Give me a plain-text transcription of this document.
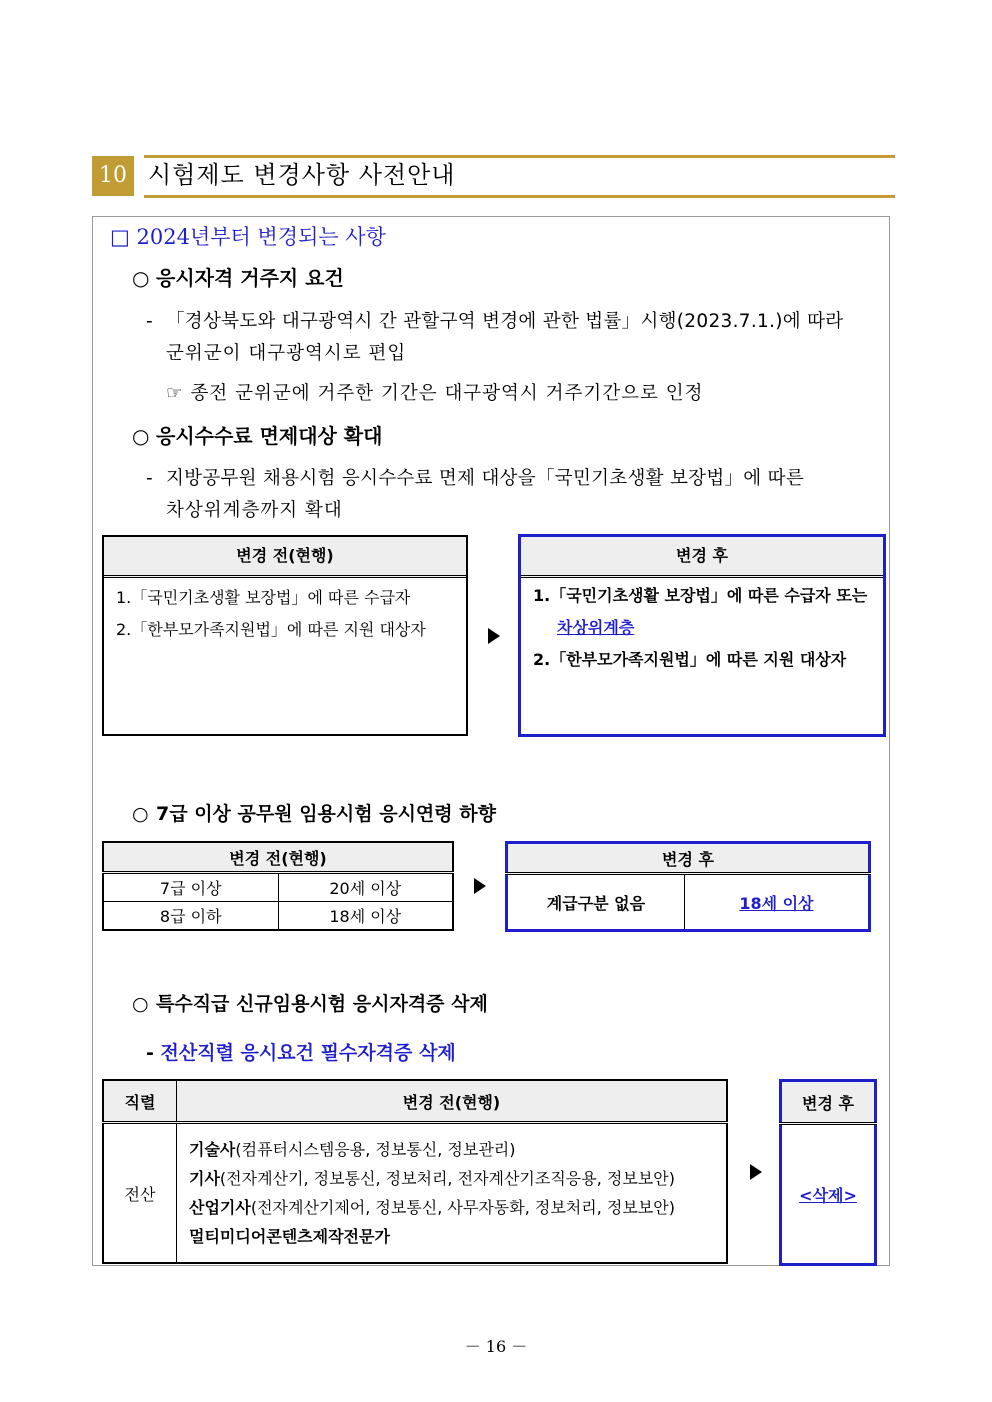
10 시험제도 변경사항 사전안내
□ 2024년부터 변경되는 사항
○ 응시자격 거주지 요건
- 「경상북도와 대구광역시 간 관할구역 변경에 관한 법률」시행(2023.7.1.)에 따라
군위군이 대구광역시로 편입
☞ 종전 군위군에 거주한 기간은 대구광역시 거주기간으로 인정
○ 응시수수료 면제대상 확대
- 지방공무원 채용시험 응시수수료 면제 대상을「국민기초생활 보장법」에 따른
차상위계층까지 확대
변경 전(현행)
1.「국민기초생활 보장법」에 따른 수급자
2.「한부모가족지원법」에 따른 지원 대상자
변경 후
1.「국민기초생활 보장법」에 따른 수급자 또는
차상위계층
2.「한부모가족지원법」에 따른 지원 대상자
○ 7급 이상 공무원 임용시험 응시연령 하향
변경 전(현행)	
7급 이상	20세 이상
8급 이하	18세 이상
변경 후
계급구분 없음	18세 이상
○ 특수직급 신규임용시험 응시자격증 삭제
- 전산직렬 응시요건 필수자격증 삭제
직렬	변경 전(현행)
전산	기술사(컴퓨터시스템응용, 정보통신, 정보관리)
기사(전자계산기, 정보통신, 정보처리, 전자계산기조직응용, 정보보안)
산업기사(전자계산기제어, 정보통신, 사무자동화, 정보처리, 정보보안)
멀티미디어콘텐츠제작전문가
변경 후
<삭제>
－ 16 －
